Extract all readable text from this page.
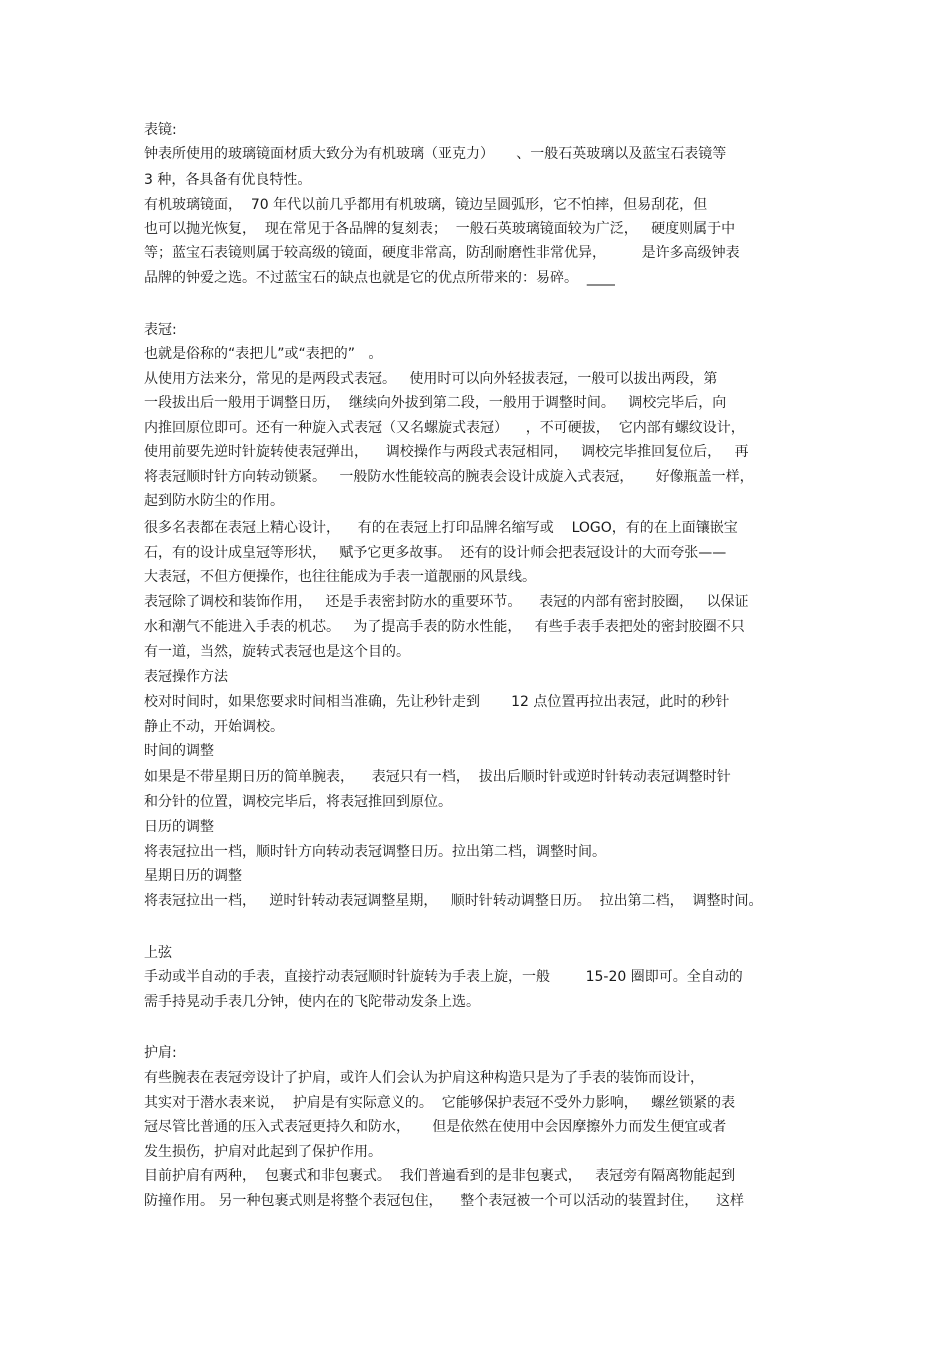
表镜:

钟表所使用的玻璃镜面材质大致分为有机玻璃（亚克力）     、一般石英玻璃以及蓝宝石表镜等

3 种，各具备有优良特性。

有机玻璃镜面，  70 年代以前几乎都用有机玻璃，镜边呈圆弧形，它不怕摔，但易刮花，但

也可以抛光恢复，  现在常见于各品牌的复刻表；  一般石英玻璃镜面较为广泛，   硬度则属于中

等；蓝宝石表镜则属于较高级的镜面，硬度非常高，防刮耐磨性非常优异，        是许多高级钟表

品牌的钟爱之选。不过蓝宝石的缺点也就是它的优点所带来的：易碎。  ____

表冠:

也就是俗称的“表把儿”或“表把的”   。

从使用方法来分，常见的是两段式表冠。   使用时可以向外轻拔表冠，一般可以拔出两段，第

一段拔出后一般用于调整日历，  继续向外拔到第二段，一般用于调整时间。   调校完毕后，向

内推回原位即可。还有一种旋入式表冠（又名螺旋式表冠）    ，不可硬拔，  它内部有螺纹设计，

使用前要先逆时针旋转使表冠弹出，    调校操作与两段式表冠相同，   调校完毕推回复位后，   再

将表冠顺时针方向转动锁紧。   一般防水性能较高的腕表会设计成旋入式表冠，     好像瓶盖一样，

起到防水防尘的作用。

很多名表都在表冠上精心设计，    有的在表冠上打印品牌名缩写或    LOGO，有的在上面镶嵌宝

石，有的设计成皇冠等形状，   赋予它更多故事。  还有的设计师会把表冠设计的大而夸张——

大表冠，不但方便操作，也往往能成为手表一道靓丽的风景线。

表冠除了调校和装饰作用，   还是手表密封防水的重要环节。    表冠的内部有密封胶圈，   以保证

水和潮气不能进入手表的机芯。   为了提高手表的防水性能，   有些手表手表把处的密封胶圈不只

有一道，当然，旋转式表冠也是这个目的。

表冠操作方法

校对时间时，如果您要求时间相当准确，先让秒针走到       12 点位置再拉出表冠，此时的秒针

静止不动，开始调校。

时间的调整

如果是不带星期日历的简单腕表，    表冠只有一档，  拔出后顺时针或逆时针转动表冠调整时针

和分针的位置，调校完毕后，将表冠推回到原位。

日历的调整

将表冠拉出一档，顺时针方向转动表冠调整日历。拉出第二档，调整时间。

星期日历的调整

将表冠拉出一档，   逆时针转动表冠调整星期，   顺时针转动调整日历。  拉出第二档，  调整时间。

上弦

手动或半自动的手表，直接拧动表冠顺时针旋转为手表上旋，一般        15-20 圈即可。全自动的

需手持晃动手表几分钟，使内在的飞陀带动发条上选。

护肩:

有些腕表在表冠旁设计了护肩，或许人们会认为护肩这种构造只是为了手表的装饰而设计，

其实对于潜水表来说，  护肩是有实际意义的。  它能够保护表冠不受外力影响，   螺丝锁紧的表

冠尽管比普通的压入式表冠更持久和防水，     但是依然在使用中会因摩擦外力而发生便宜或者

发生损伤，护肩对此起到了保护作用。

目前护肩有两种，  包裹式和非包裹式。  我们普遍看到的是非包裹式，   表冠旁有隔离物能起到

防撞作用。 另一种包裹式则是将整个表冠包住，    整个表冠被一个可以活动的装置封住，    这样
